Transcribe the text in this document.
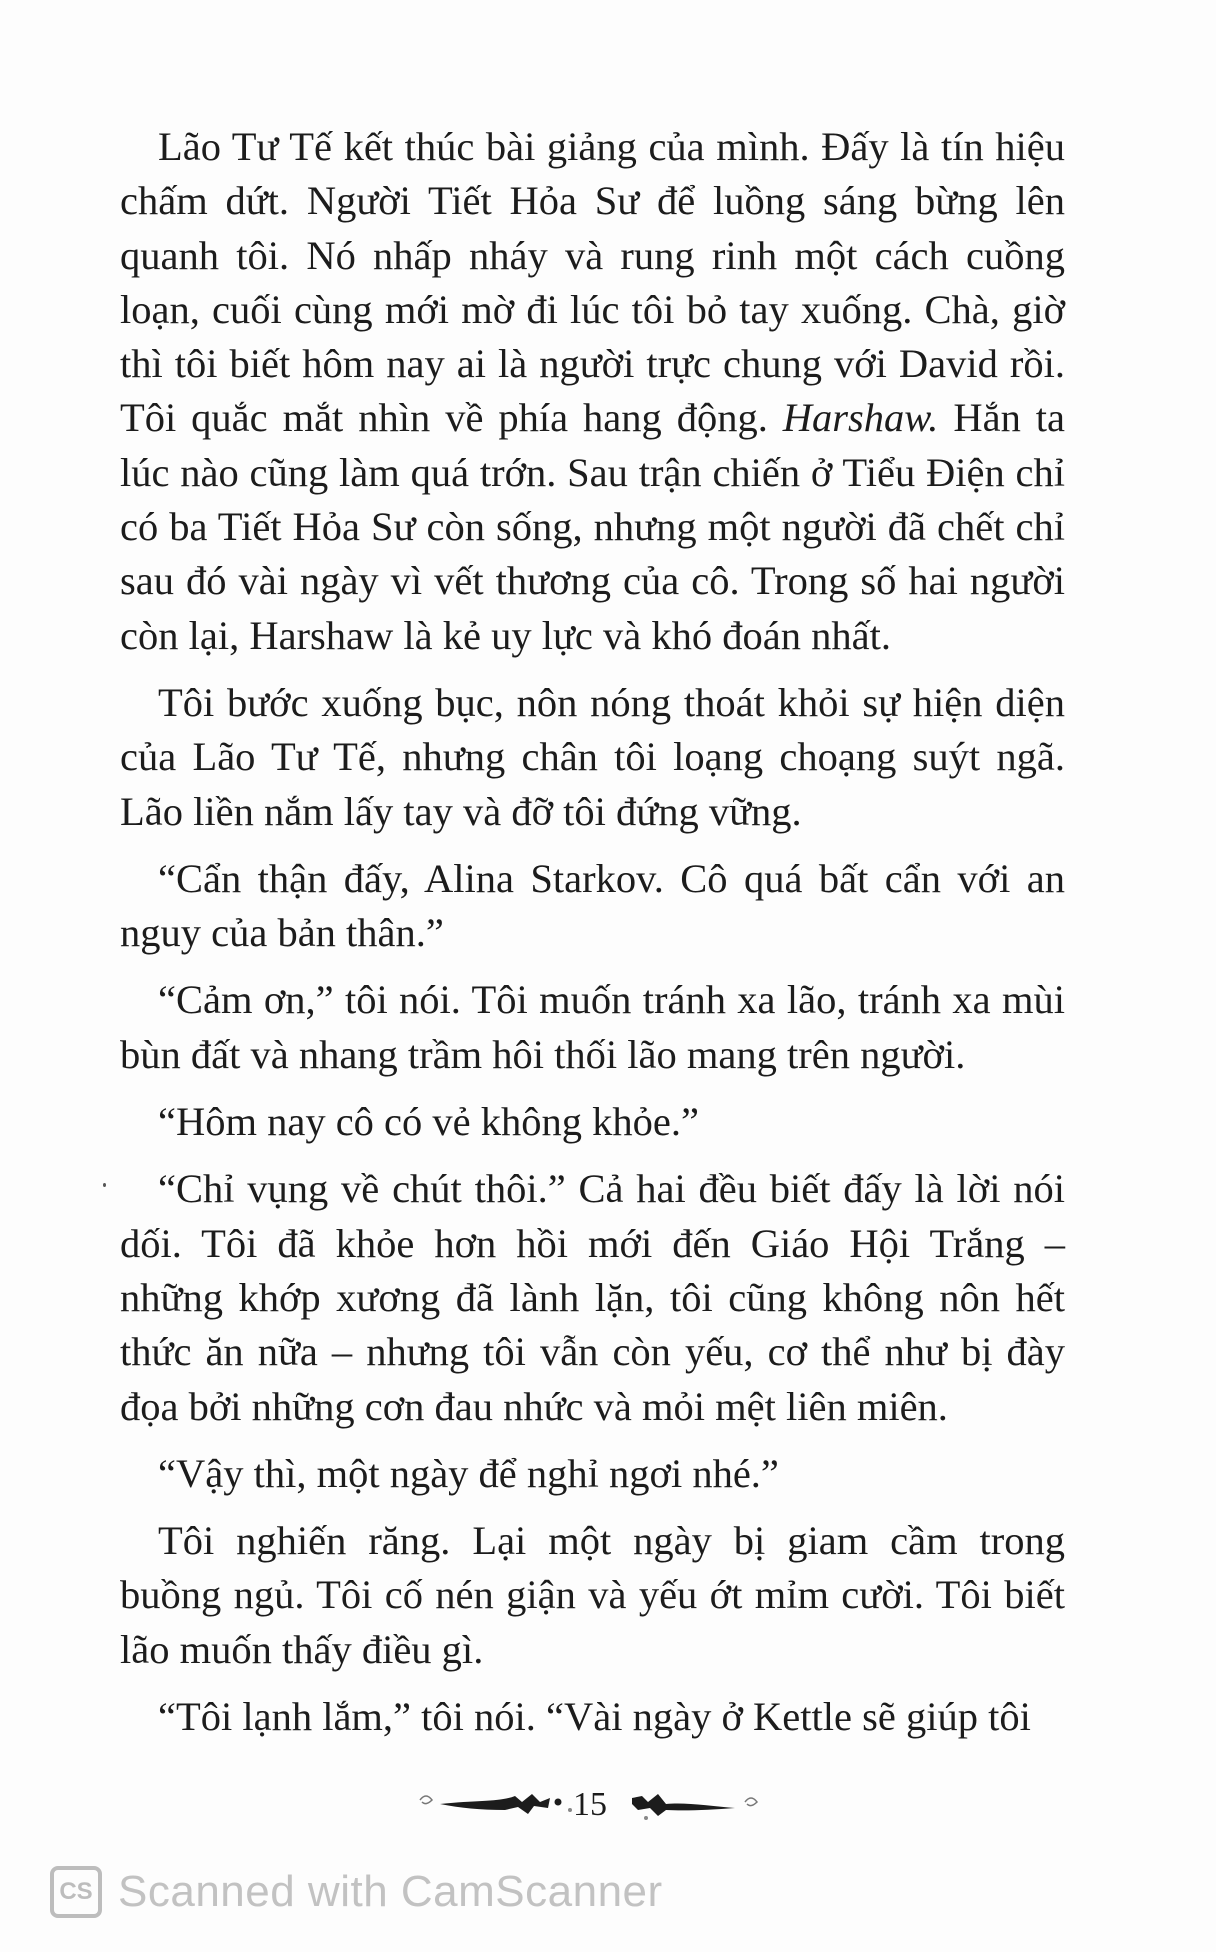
Lão Tư Tế kết thúc bài giảng của mình. Đấy là tín hiệu chấm dứt. Người Tiết Hỏa Sư để luồng sáng bừng lên quanh tôi. Nó nhấp nháy và rung rinh một cách cuồng loạn, cuối cùng mới mờ đi lúc tôi bỏ tay xuống. Chà, giờ thì tôi biết hôm nay ai là người trực chung với David rồi. Tôi quắc mắt nhìn về phía hang động. Harshaw. Hắn ta lúc nào cũng làm quá trớn. Sau trận chiến ở Tiểu Điện chỉ có ba Tiết Hỏa Sư còn sống, nhưng một người đã chết chỉ sau đó vài ngày vì vết thương của cô. Trong số hai người còn lại, Harshaw là kẻ uy lực và khó đoán nhất.

Tôi bước xuống bục, nôn nóng thoát khỏi sự hiện diện của Lão Tư Tế, nhưng chân tôi loạng choạng suýt ngã. Lão liền nắm lấy tay và đỡ tôi đứng vững.

“Cẩn thận đấy, Alina Starkov. Cô quá bất cẩn với an nguy của bản thân.”

“Cảm ơn,” tôi nói. Tôi muốn tránh xa lão, tránh xa mùi bùn đất và nhang trầm hôi thối lão mang trên người.

“Hôm nay cô có vẻ không khỏe.”

“Chỉ vụng về chút thôi.” Cả hai đều biết đấy là lời nói dối. Tôi đã khỏe hơn hồi mới đến Giáo Hội Trắng – những khớp xương đã lành lặn, tôi cũng không nôn hết thức ăn nữa – nhưng tôi vẫn còn yếu, cơ thể như bị đày đọa bởi những cơn đau nhức và mỏi mệt liên miên.

“Vậy thì, một ngày để nghỉ ngơi nhé.”

Tôi nghiến răng. Lại một ngày bị giam cầm trong buồng ngủ. Tôi cố nén giận và yếu ớt mỉm cười. Tôi biết lão muốn thấy điều gì.

“Tôi lạnh lắm,” tôi nói. “Vài ngày ở Kettle sẽ giúp tôi

15
CS Scanned with CamScanner
